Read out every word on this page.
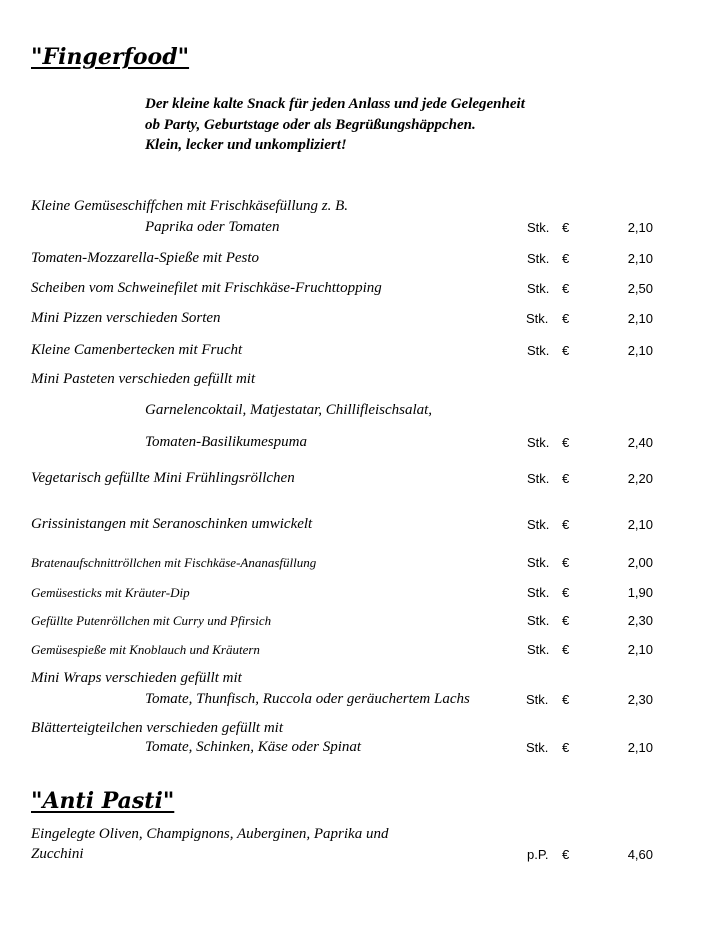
"Fingerfood"
Der kleine kalte Snack für jeden Anlass und jede Gelegenheit
ob Party, Geburtstage oder als Begrüßungshäppchen.
Klein, lecker und unkompliziert!
Kleine Gemüseschiffchen mit Frischkäsefüllung z. B.
Paprika oder Tomaten	Stk. €	2,10
Tomaten-Mozzarella-Spieße mit Pesto	Stk. €	2,10
Scheiben vom Schweinefilet mit Frischkäse-Fruchttopping	Stk. €	2,50
Mini Pizzen verschieden Sorten	Stk. €	2,10
Kleine Camenbertecken mit Frucht	Stk. €	2,10
Mini Pasteten verschieden gefüllt mit
Garnelencoktail, Matjestatar, Chillifleischsalat,
Tomaten-Basilikumespuma	Stk. €	2,40
Vegetarisch gefüllte Mini Frühlingsröllchen	Stk. €	2,20
Grissinistangen mit Seranoschinken umwickelt	Stk. €	2,10
Bratenaufschnittröllchen mit Fischkäse-Ananasfüllung	Stk. €	2,00
Gemüsesticks mit Kräuter-Dip	Stk. €	1,90
Gefüllte Putenröllchen mit Curry und Pfirsich	Stk. €	2,30
Gemüsespieße mit Knoblauch und Kräutern	Stk. €	2,10
Mini Wraps verschieden gefüllt mit
Tomate, Thunfisch, Ruccola oder geräuchertem Lachs	Stk. €	2,30
Blätterteigteilchen verschieden gefüllt mit
Tomate, Schinken, Käse oder Spinat	Stk. €	2,10
"Anti Pasti"
Eingelegte Oliven, Champignons, Auberginen, Paprika und
Zucchini	p.P. €	4,60
